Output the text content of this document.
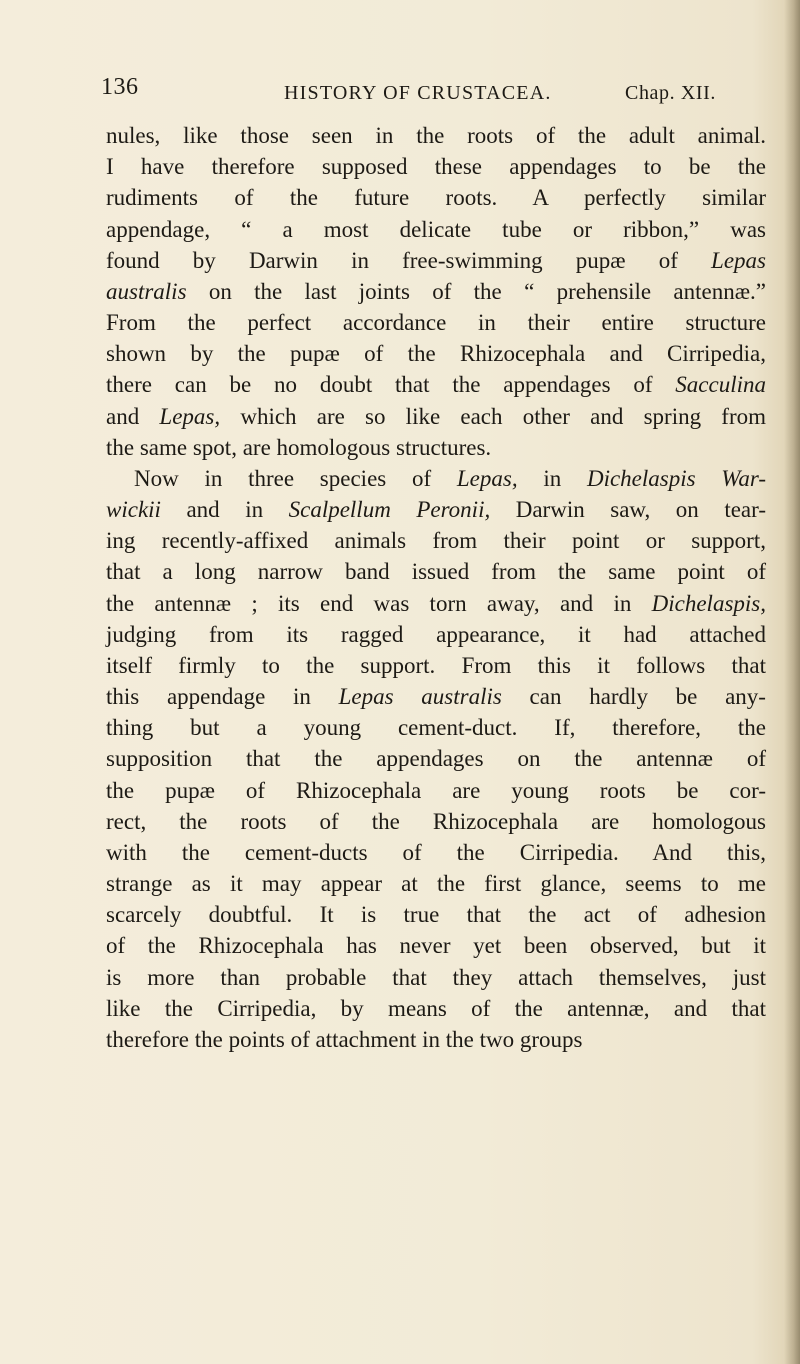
136	HISTORY OF CRUSTACEA.	Chap. XII.
nules, like those seen in the roots of the adult animal.
I have therefore supposed these appendages to be the
rudiments of the future roots. A perfectly similar
appendage, “ a most delicate tube or ribbon,” was
found by Darwin in free-swimming pupæ of Lepas
australis on the last joints of the “ prehensile antennæ.”
From the perfect accordance in their entire structure
shown by the pupæ of the Rhizocephala and Cirripedia,
there can be no doubt that the appendages of Sacculina
and Lepas, which are so like each other and spring from
the same spot, are homologous structures.
Now in three species of Lepas, in Dichelaspis War-
wickii and in Scalpellum Peronii, Darwin saw, on tear-
ing recently-affixed animals from their point or support,
that a long narrow band issued from the same point of
the antennæ ; its end was torn away, and in Dichelaspis,
judging from its ragged appearance, it had attached
itself firmly to the support. From this it follows that
this appendage in Lepas australis can hardly be any-
thing but a young cement-duct. If, therefore, the
supposition that the appendages on the antennæ of
the pupæ of Rhizocephala are young roots be cor-
rect, the roots of the Rhizocephala are homologous
with the cement-ducts of the Cirripedia. And this,
strange as it may appear at the first glance, seems to me
scarcely doubtful. It is true that the act of adhesion
of the Rhizocephala has never yet been observed, but it
is more than probable that they attach themselves, just
like the Cirripedia, by means of the antennæ, and that
therefore the points of attachment in the two groups
